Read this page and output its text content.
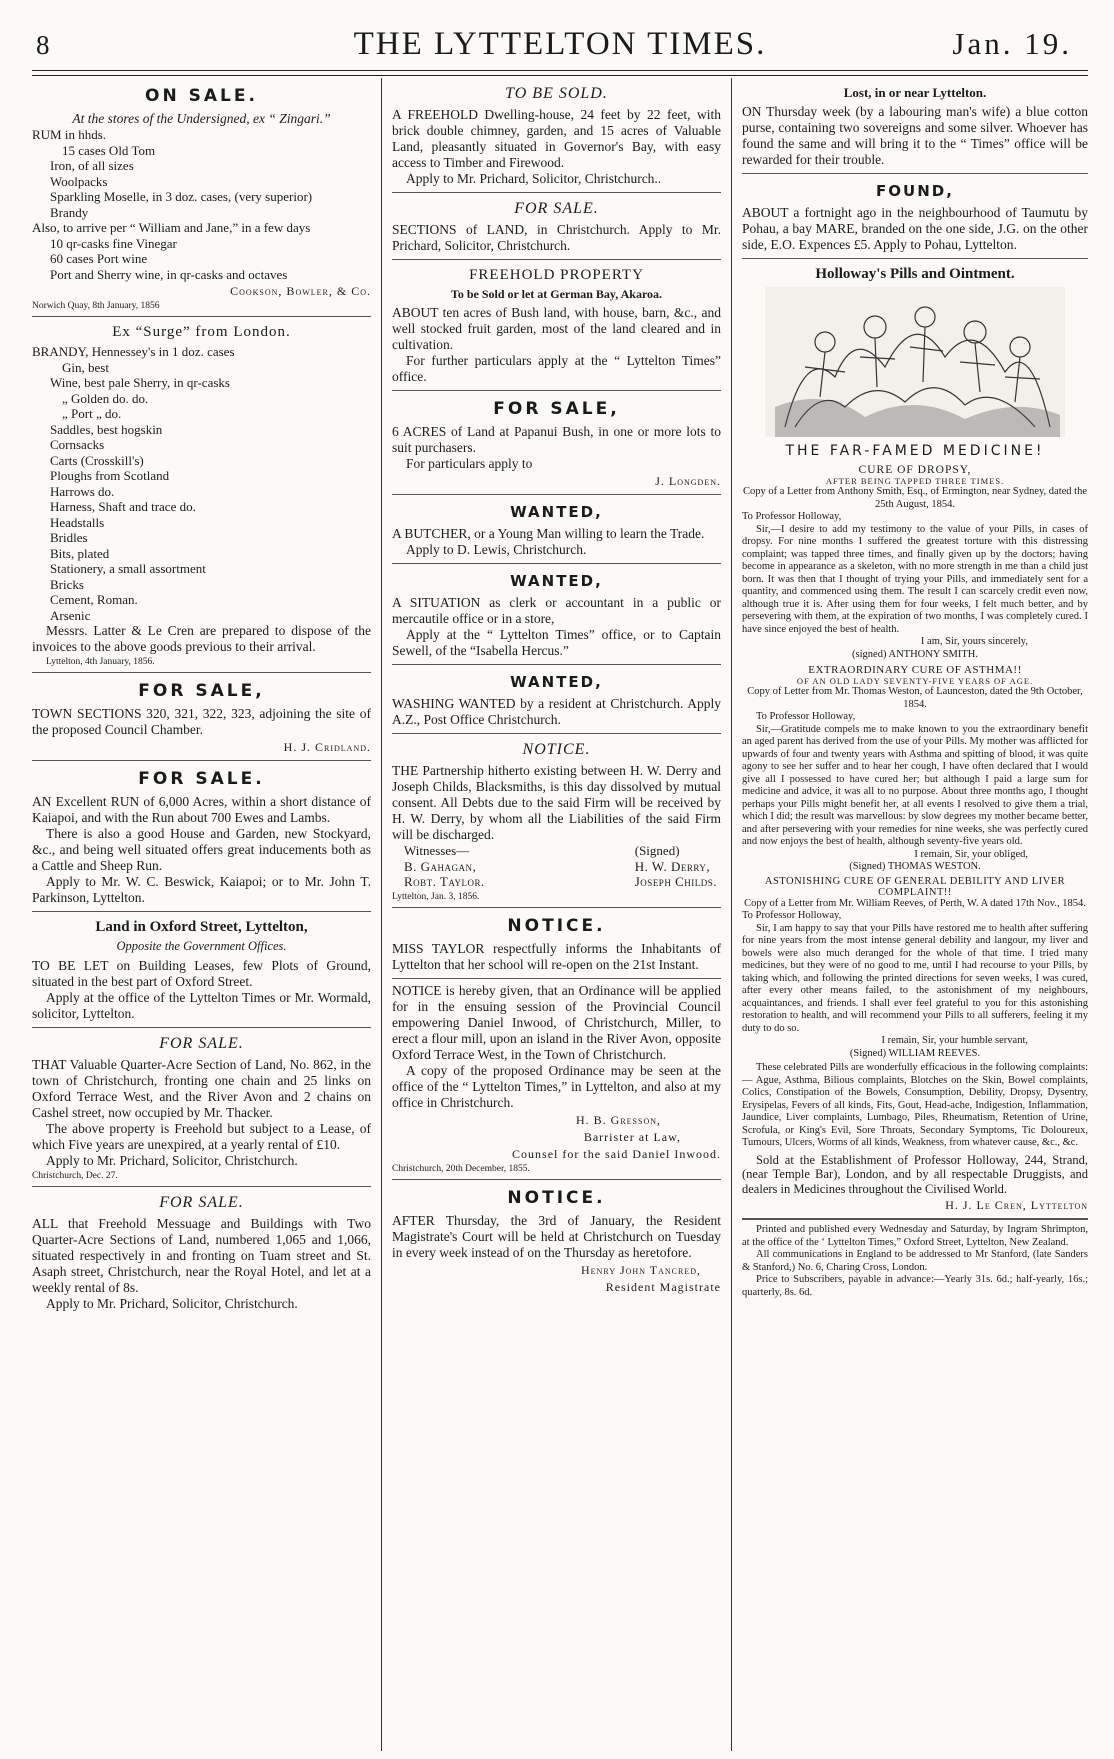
8	THE LYTTELTON TIMES.	Jan. 19.
ON SALE.

At the stores of the Undersigned, ex “ Zingari.”

RUM in hhds.
15 cases Old Tom
Iron, of all sizes
Woolpacks
Sparkling Moselle, in 3 doz. cases, (very superior)
Brandy
Also, to arrive per “ William and Jane,” in a few days
10 qr-casks fine Vinegar
60 cases Port wine
Port and Sherry wine, in qr-casks and octaves
Cookson, Bowler, & Co.
Norwich Quay, 8th January, 1856
Ex “Surge” from London.
BRANDY, Hennessey's in 1 doz. cases
Gin, best
Wine, best pale Sherry, in qr-casks
„ Golden do. do.
„ Port „ do.
Saddles, best hogskin
Cornsacks
Carts (Crosskill's)
Ploughs from Scotland
Harrows do.
Harness, Shaft and trace do.
Headstalls
Bridles
Bits, plated
Stationery, a small assortment
Bricks
Cement, Roman.
Arsenic

Messrs. Latter & Le Cren are prepared to dispose of the invoices to the above goods previous to their arrival.

Lyttelton, 4th January, 1856.
FOR SALE,

TOWN SECTIONS 320, 321, 322, 323, adjoining the site of the proposed Council Chamber.

H. J. Cridland.
FOR SALE.

AN Excellent RUN of 6,000 Acres, within a short distance of Kaiapoi, and with the Run about 700 Ewes and Lambs.

There is also a good House and Garden, new Stockyard, &c., and being well situated offers great inducements both as a Cattle and Sheep Run.

Apply to Mr. W. C. Beswick, Kaiapoi; or to Mr. John T. Parkinson, Lyttelton.

Land in Oxford Street, Lyttelton,
Opposite the Government Offices.

TO BE LET on Building Leases, few Plots of Ground, situated in the best part of Oxford Street.

Apply at the office of the Lyttelton Times or Mr. Wormald, solicitor, Lyttelton.

FOR SALE.

THAT Valuable Quarter-Acre Section of Land, No. 862, in the town of Christchurch, fronting one chain and 25 links on Oxford Terrace West, and the River Avon and 2 chains on Cashel street, now occupied by Mr. Thacker.

The above property is Freehold but subject to a Lease, of which Five years are unexpired, at a yearly rental of £10.

Apply to Mr. Prichard, Solicitor, Christchurch.

Christchurch, Dec. 27.
FOR SALE.

ALL that Freehold Messuage and Buildings with Two Quarter-Acre Sections of Land, numbered 1,065 and 1,066, situated respectively in and fronting on Tuam street and St. Asaph street, Christchurch, near the Royal Hotel, and let at a weekly rental of 8s.

Apply to Mr. Prichard, Solicitor, Christchurch.

TO BE SOLD.

A FREEHOLD Dwelling-house, 24 feet by 22 feet, with brick double chimney, garden, and 15 acres of Valuable Land, pleasantly situated in Governor's Bay, with easy access to Timber and Firewood.

Apply to Mr. Prichard, Solicitor, Christchurch..

FOR SALE.

SECTIONS of LAND, in Christchurch. Apply to Mr. Prichard, Solicitor, Christchurch.

FREEHOLD PROPERTY
To be Sold or let at German Bay, Akaroa.

ABOUT ten acres of Bush land, with house, barn, &c., and well stocked fruit garden, most of the land cleared and in cultivation.

For further particulars apply at the “ Lyttelton Times” office.

FOR SALE,

6 ACRES of Land at Papanui Bush, in one or more lots to suit purchasers.

For particulars apply to

J. Longden.
WANTED,

A BUTCHER, or a Young Man willing to learn the Trade.

Apply to D. Lewis, Christchurch.

WANTED,

A SITUATION as clerk or accountant in a public or mercautile office or in a store,

Apply at the “ Lyttelton Times” office, or to Captain Sewell, of the “Isabella Hercus.”

WANTED,

WASHING WANTED by a resident at Christchurch. Apply A.Z., Post Office Christchurch.

NOTICE.

THE Partnership hitherto existing between H. W. Derry and Joseph Childs, Blacksmiths, is this day dissolved by mutual consent. All Debts due to the said Firm will be received by H. W. Derry, by whom all the Liabilities of the said Firm will be discharged.

Witnesses—
B. Gahagan,
Robt. Taylor.
(Signed)
H. W. Derry,
Joseph Childs.
Lyttelton, Jan. 3, 1856.
NOTICE.

MISS TAYLOR respectfully informs the Inhabitants of Lyttelton that her school will re-open on the 21st Instant.

NOTICE is hereby given, that an Ordinance will be applied for in the ensuing session of the Provincial Council empowering Daniel Inwood, of Christchurch, Miller, to erect a flour mill, upon an island in the River Avon, opposite Oxford Terrace West, in the Town of Christchurch.

A copy of the proposed Ordinance may be seen at the office of the “ Lyttelton Times,” in Lyttelton, and also at my office in Christchurch.

H. B. Gresson,
Barrister at Law,
Counsel for the said Daniel Inwood.
Christchurch, 20th December, 1855.
NOTICE.

AFTER Thursday, the 3rd of January, the Resident Magistrate's Court will be held at Christchurch on Tuesday in every week instead of on the Thursday as heretofore.

Henry John Tancred,
Resident Magistrate
Lost, in or near Lyttelton.

ON Thursday week (by a labouring man's wife) a blue cotton purse, containing two sovereigns and some silver. Whoever has found the same and will bring it to the “ Times” office will be rewarded for their trouble.

FOUND,

ABOUT a fortnight ago in the neighbourhood of Taumutu by Pohau, a bay MARE, branded on the one side, J.G. on the other side, E.O. Expences £5. Apply to Pohau, Lyttelton.

Holloway's Pills and Ointment.
THE FAR-FAMED MEDICINE!
CURE OF DROPSY,
AFTER BEING TAPPED THREE TIMES.

Copy of a Letter from Anthony Smith, Esq., of Ermington, near Sydney, dated the 25th August, 1854.

To Professor Holloway,

Sir,—I desire to add my testimony to the value of your Pills, in cases of dropsy. For nine months I suffered the greatest torture with this distressing complaint; was tapped three times, and finally given up by the doctors; having become in appearance as a skeleton, with no more strength in me than a child just born. It was then that I thought of trying your Pills, and immediately sent for a quantity, and commenced using them. The result I can scarcely credit even now, although true it is. After using them for four weeks, I felt much better, and by persevering with them, at the expiration of two months, I was completely cured. I have since enjoyed the best of health.

I am, Sir, yours sincerely,

(signed) ANTHONY SMITH.

EXTRAORDINARY CURE OF ASTHMA!!
OF AN OLD LADY SEVENTY-FIVE YEARS OF AGE.

Copy of Letter from Mr. Thomas Weston, of Launceston, dated the 9th October, 1854.

To Professor Holloway,

Sir,—Gratitude compels me to make known to you the extraordinary benefit an aged parent has derived from the use of your Pills. My mother was afflicted for upwards of four and twenty years with Asthma and spitting of blood, it was quite agony to see her suffer and to hear her cough, I have often declared that I would give all I possessed to have cured her; but although I paid a large sum for medicine and advice, it was all to no purpose. About three months ago, I thought perhaps your Pills might benefit her, at all events I resolved to give them a trial, which I did; the result was marvellous: by slow degrees my mother became better, and after persevering with your remedies for nine weeks, she was perfectly cured and now enjoys the best of health, although seventy-five years old.

I remain, Sir, your obliged,

(Signed) THOMAS WESTON.

ASTONISHING CURE OF GENERAL DEBILITY AND LIVER COMPLAINT!!

Copy of a Letter from Mr. William Reeves, of Perth, W. A dated 17th Nov., 1854.

To Professor Holloway,

Sir, I am happy to say that your Pills have restored me to health after suffering for nine years from the most intense general debility and langour, my liver and bowels were also much deranged for the whole of that time. I tried many medicines, but they were of no good to me, until I had recourse to your Pills, by taking which, and following the printed directions for seven weeks, I was cured, after every other means failed, to the astonishment of my neighbours, acquaintances, and friends. I shall ever feel grateful to you for this astonishing restoration to health, and will recommend your Pills to all sufferers, feeling it my duty to do so.

I remain, Sir, your humble servant,

(Signed) WILLIAM REEVES.

These celebrated Pills are wonderfully efficacious in the following complaints:— Ague, Asthma, Bilious complaints, Blotches on the Skin, Bowel complaints, Colics, Constipation of the Bowels, Consumption, Debility, Dropsy, Dysentry, Erysipelas, Fevers of all kinds, Fits, Gout, Head-ache, Indigestion, Inflammation, Jaundice, Liver complaints, Lumbago, Piles, Rheumatism, Retention of Urine, Scrofula, or King's Evil, Sore Throats, Secondary Symptoms, Tic Doloureux, Tumours, Ulcers, Worms of all kinds, Weakness, from whatever cause, &c., &c.

Sold at the Establishment of Professor Holloway, 244, Strand, (near Temple Bar), London, and by all respectable Druggists, and dealers in Medicines throughout the Civilised World.

H. J. Le Cren, Lyttelton

Printed and published every Wednesday and Saturday, by Ingram Shrimpton, at the office of the ‘ Lyttelton Times,” Oxford Street, Lyttelton, New Zealand.

All communications in England to be addressed to Mr Stanford, (late Sanders & Stanford,) No. 6, Charing Cross, London.

Price to Subscribers, payable in advance:—Yearly 31s. 6d.; half-yearly, 16s.; quarterly, 8s. 6d.
